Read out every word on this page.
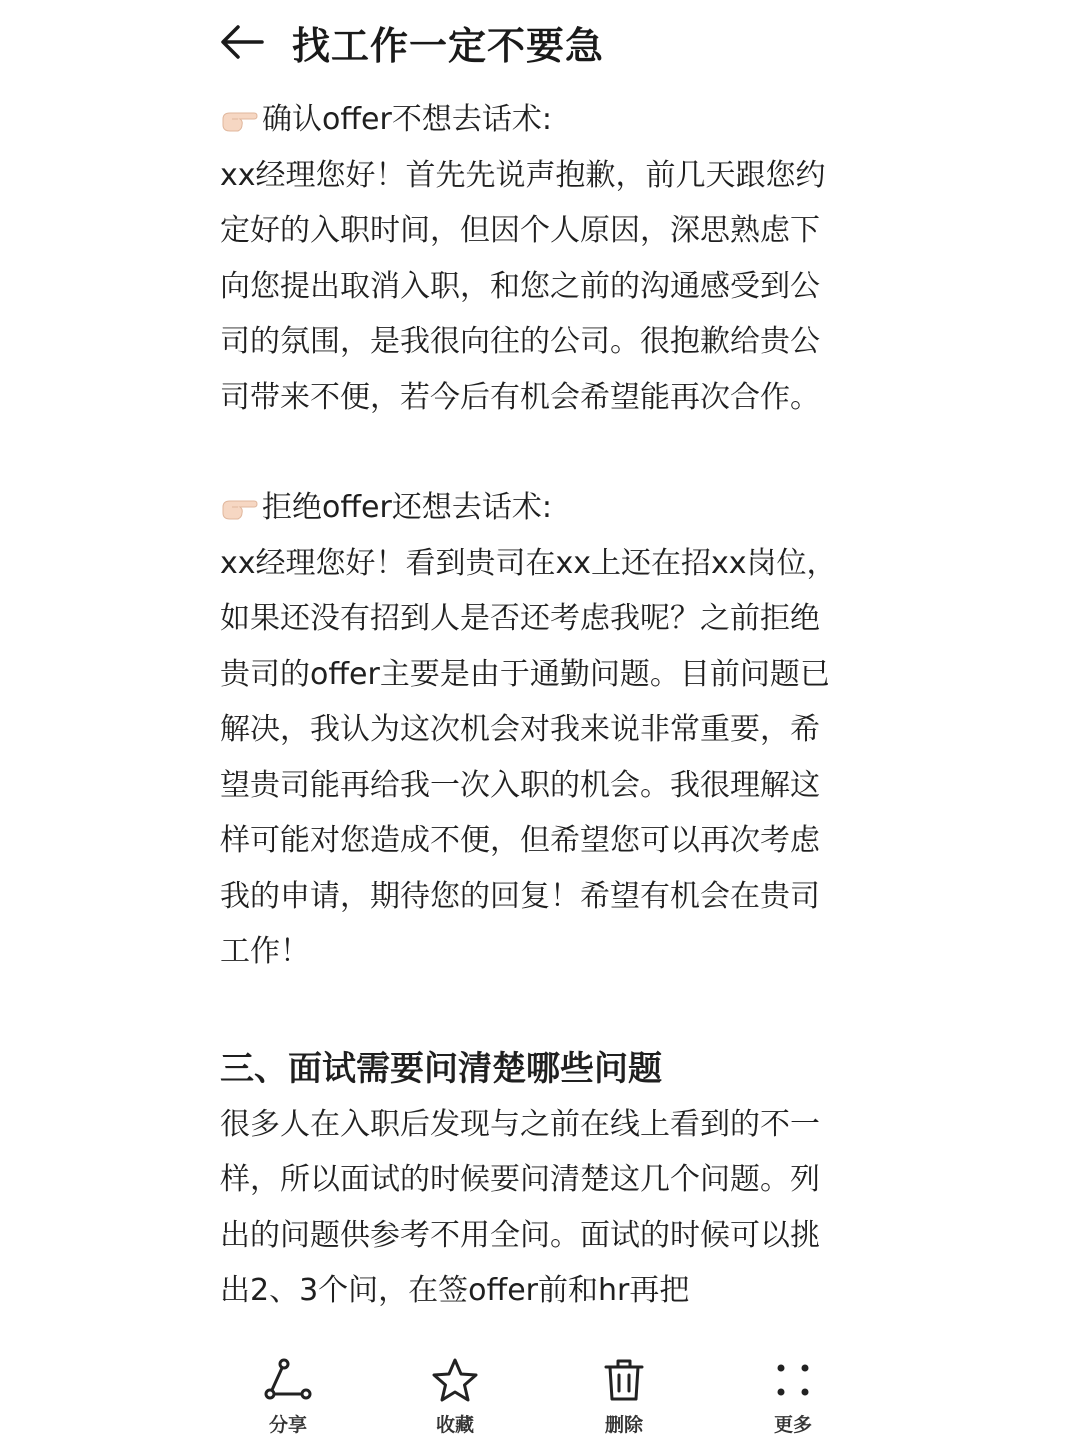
找工作一定不要急

确认offer不想去话术:

xx经理您好！首先先说声抱歉，前几天跟您约定好的入职时间，但因个人原因，深思熟虑下向您提出取消入职，和您之前的沟通感受到公司的氛围，是我很向往的公司。很抱歉给贵公司带来不便，若今后有机会希望能再次合作。

拒绝offer还想去话术:

xx经理您好！看到贵司在xx上还在招xx岗位，如果还没有招到人是否还考虑我呢？之前拒绝贵司的offer主要是由于通勤问题。目前问题已解决，我认为这次机会对我来说非常重要，希望贵司能再给我一次入职的机会。我很理解这样可能对您造成不便，但希望您可以再次考虑我的申请，期待您的回复！希望有机会在贵司工作！

三、面试需要问清楚哪些问题

很多人在入职后发现与之前在线上看到的不一样，所以面试的时候要问清楚这几个问题。列出的问题供参考不用全问。面试的时候可以挑出2、3个问，在签offer前和hr再把

分享	收藏	删除	更多
